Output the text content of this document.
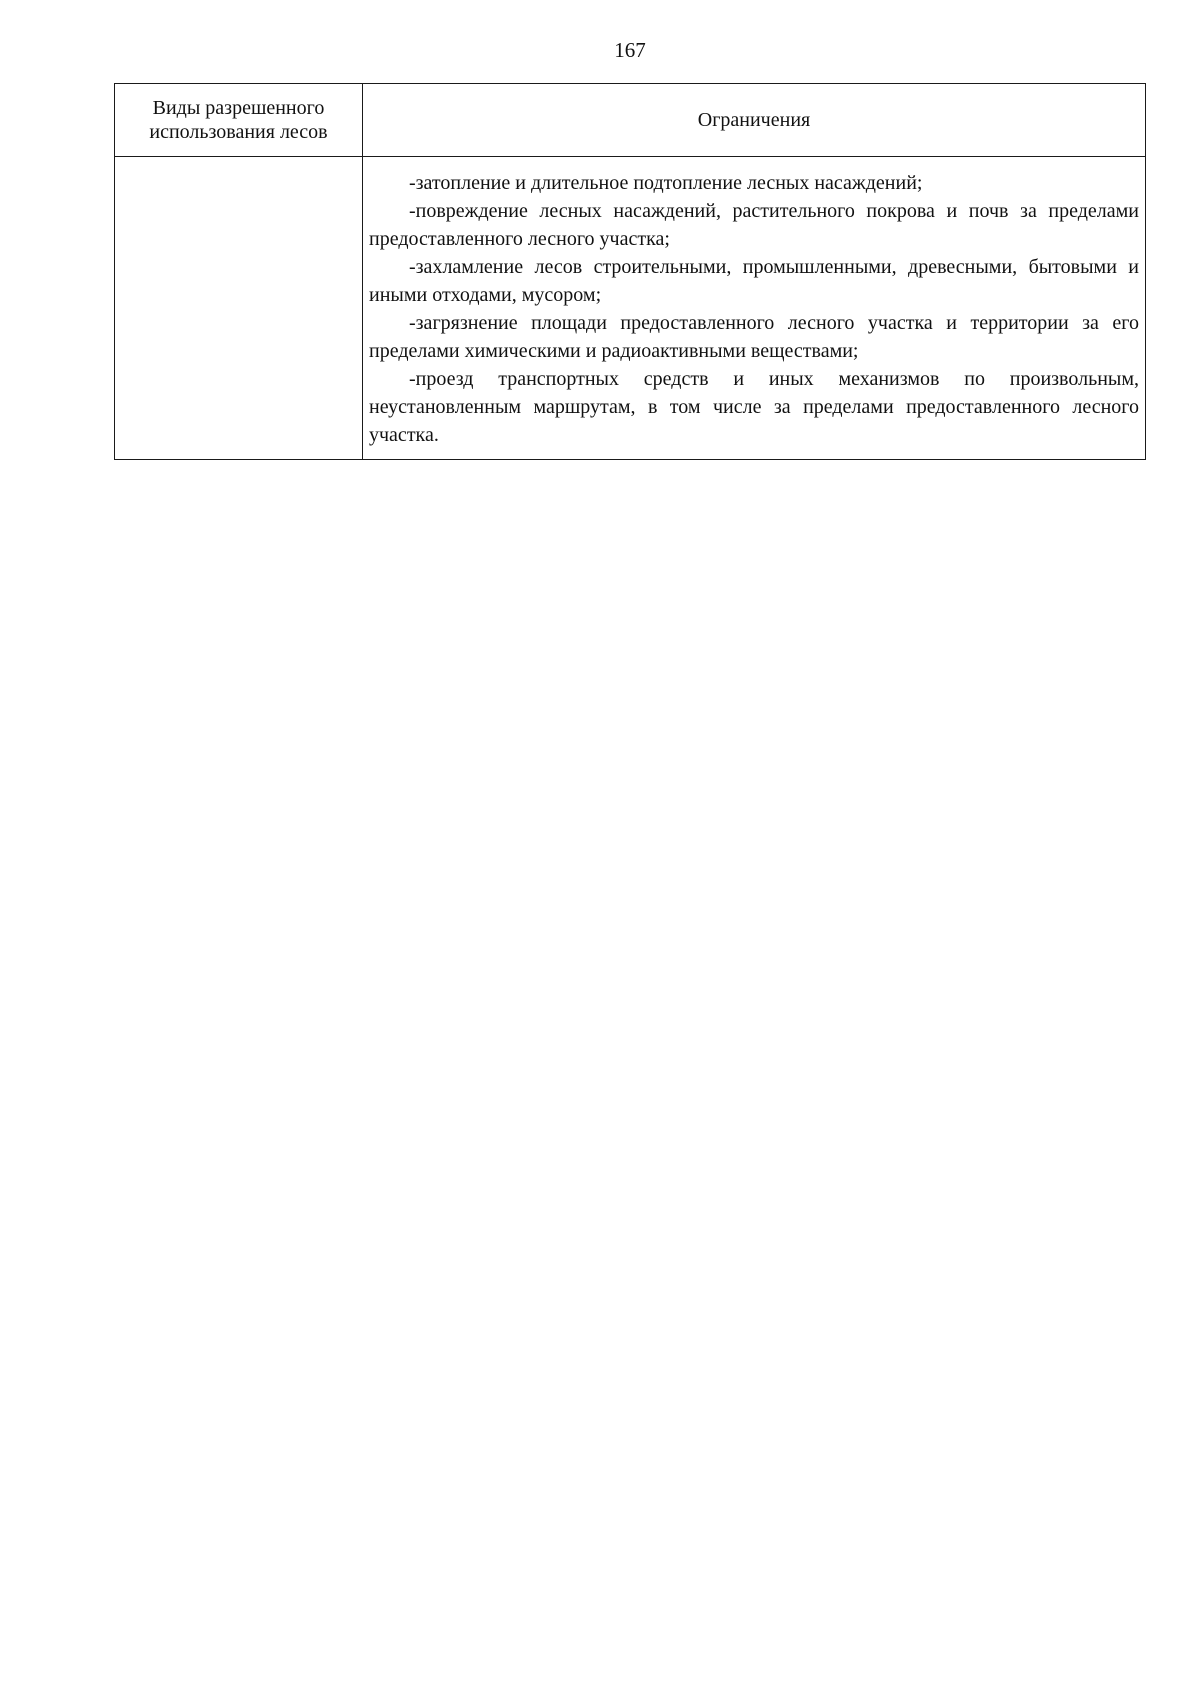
167
Виды разрешенного использования лесов	Ограничения

	-затопление и длительное подтопление лесных насаждений;

-повреждение лесных насаждений, растительного покрова и почв за пределами предоставленного лесного участка;

-захламление лесов строительными, промышленными, древесными, бытовыми и иными отходами, мусором;

-загрязнение площади предоставленного лесного участка и территории за его пределами химическими и радиоактивными веществами;

-проезд транспортных средств и иных механизмов по произвольным, неустановленным маршрутам, в том числе за пределами предоставленного лесного участка.
